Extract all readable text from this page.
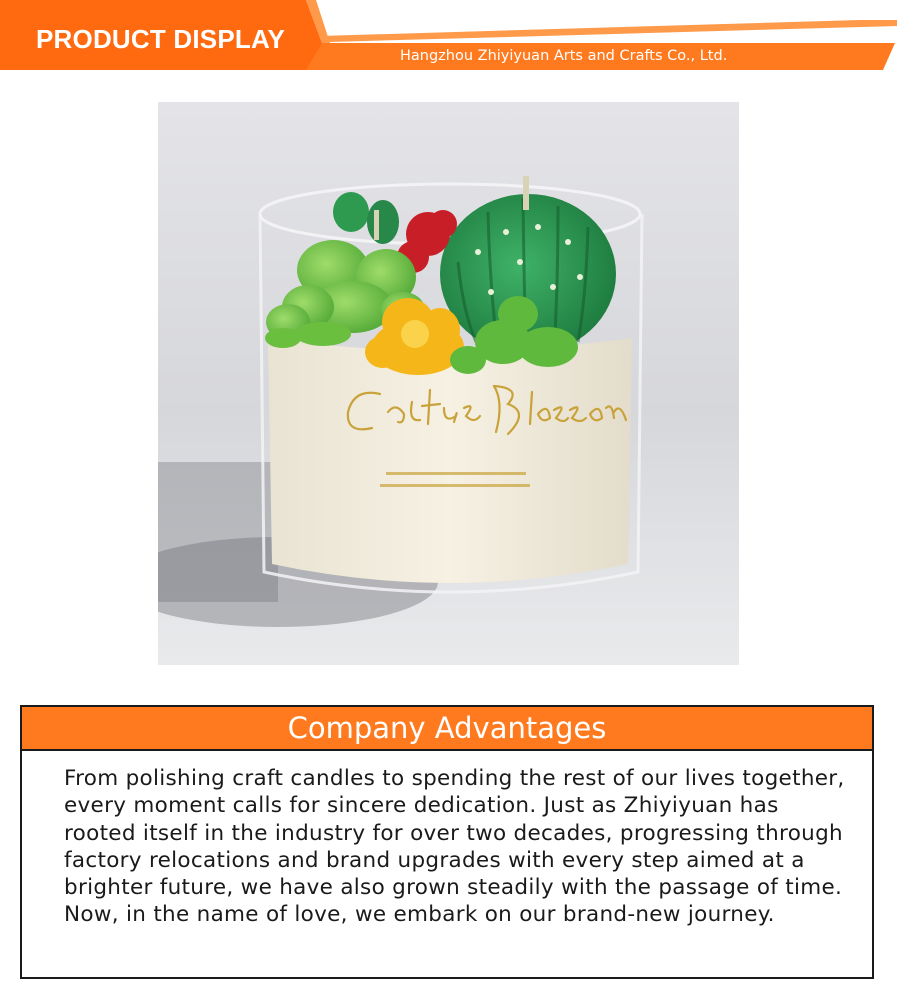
PRODUCT DISPLAY
Hangzhou Zhiyiyuan Arts and Crafts Co., Ltd.
Company Advantages
From polishing craft candles to spending the rest of our lives together, every moment calls for sincere dedication. Just as Zhiyiyuan has rooted itself in the industry for over two decades, progressing through factory relocations and brand upgrades with every step aimed at a brighter future, we have also grown steadily with the passage of time. Now, in the name of love, we embark on our brand-new journey.
